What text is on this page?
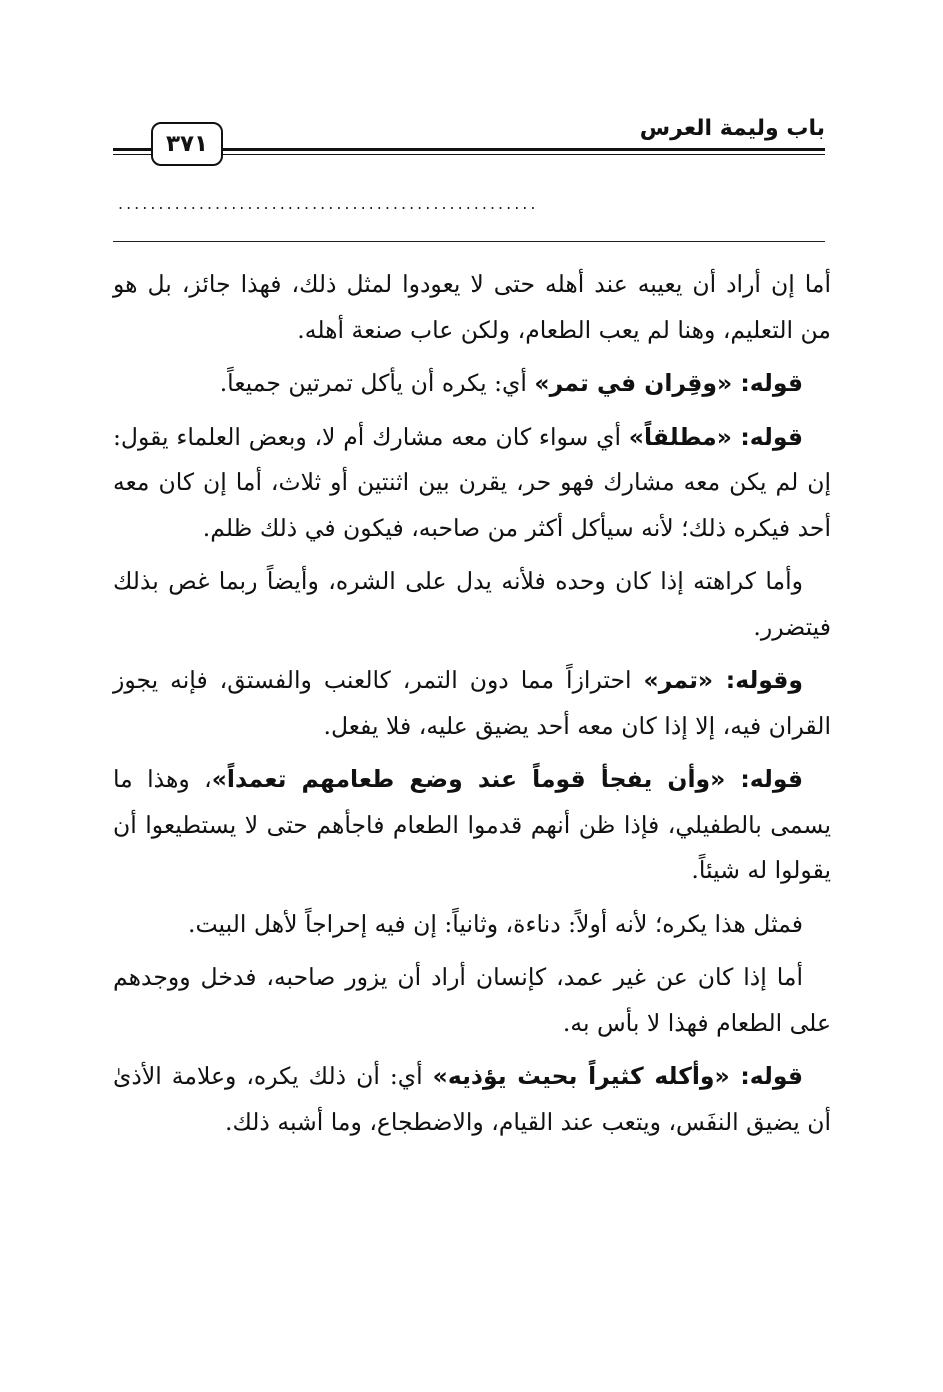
باب وليمة العرس
٣٧١
....................................................

أما إن أراد أن يعيبه عند أهله حتى لا يعودوا لمثل ذلك، فهذا جائز، بل هو من التعليم، وهنا لم يعب الطعام، ولكن عاب صنعة أهله.

قوله: «وقِران في تمر» أي: يكره أن يأكل تمرتين جميعاً.

قوله: «مطلقاً» أي سواء كان معه مشارك أم لا، وبعض العلماء يقول: إن لم يكن معه مشارك فهو حر، يقرن بين اثنتين أو ثلاث، أما إن كان معه أحد فيكره ذلك؛ لأنه سيأكل أكثر من صاحبه، فيكون في ذلك ظلم.

وأما كراهته إذا كان وحده فلأنه يدل على الشره، وأيضاً ربما غص بذلك فيتضرر.

وقوله: «تمر» احترازاً مما دون التمر، كالعنب والفستق، فإنه يجوز القران فيه، إلا إذا كان معه أحد يضيق عليه، فلا يفعل.

قوله: «وأن يفجأ قوماً عند وضع طعامهم تعمداً»، وهذا ما يسمى بالطفيلي، فإذا ظن أنهم قدموا الطعام فاجأهم حتى لا يستطيعوا أن يقولوا له شيئاً.

فمثل هذا يكره؛ لأنه أولاً: دناءة، وثانياً: إن فيه إحراجاً لأهل البيت.

أما إذا كان عن غير عمد، كإنسان أراد أن يزور صاحبه، فدخل ووجدهم على الطعام فهذا لا بأس به.

قوله: «وأكله كثيراً بحيث يؤذيه» أي: أن ذلك يكره، وعلامة الأذىٰ أن يضيق النفَس، ويتعب عند القيام، والاضطجاع، وما أشبه ذلك.
